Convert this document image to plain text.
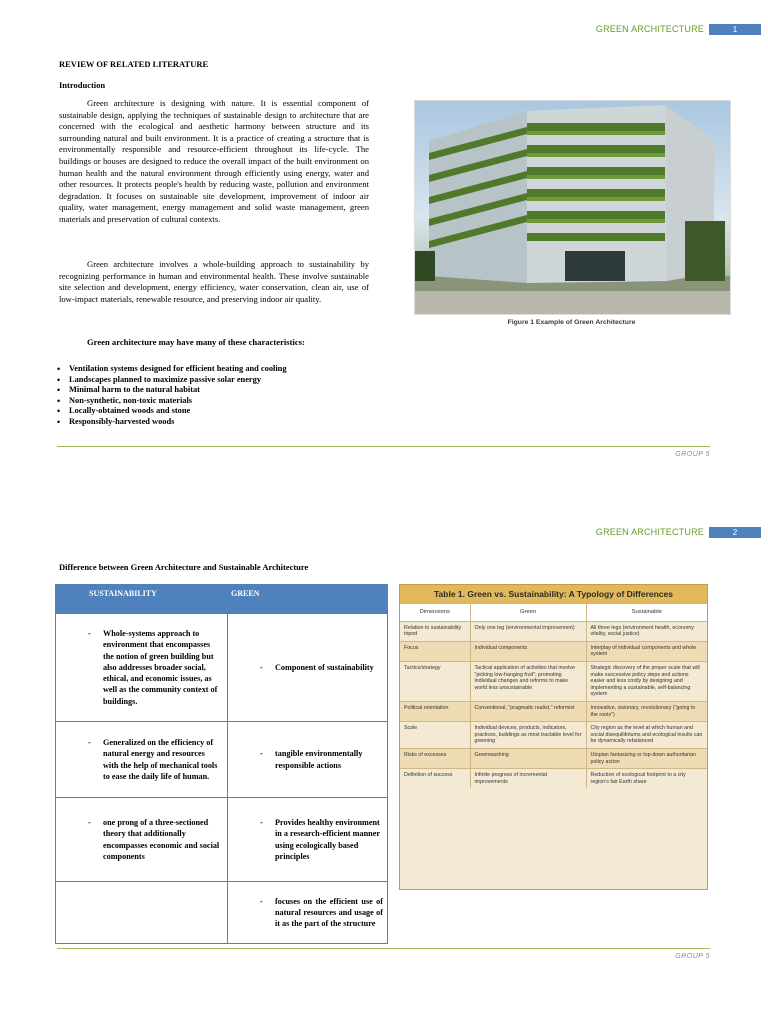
GREEN ARCHITECTURE	1
REVIEW OF RELATED LITERATURE
Introduction
Green architecture is designing with nature. It is essential component of sustainable design, applying the techniques of sustainable design to architecture that are concerned with the ecological and aesthetic harmony between structure and its surrounding natural and built environment. It is a practice of creating a structure that is environmentally responsible and resource-efficient throughout its life-cycle. The buildings or houses are designed to reduce the overall impact of the built environment on human health and the natural environment through efficiently using energy, water and other resources. It protects people's health by reducing waste, pollution and environment degradation. It focuses on sustainable site development, improvement of indoor air quality, water management, energy management and solid waste management, green materials and preservation of cultural contexts.
Green architecture involves a whole-building approach to sustainability by recognizing performance in human and environmental health. These involve sustainable site selection and development, energy efficiency, water conservation, clean air, use of low-impact materials, renewable resource, and preserving indoor air quality.
Green architecture may have many of these characteristics:
• Ventilation systems designed for efficient heating and cooling
• Landscapes planned to maximize passive solar energy
• Minimal harm to the natural habitat
• Non-synthetic, non-toxic materials
• Locally-obtained woods and stone
• Responsibly-harvested woods
Figure 1 Example of Green Architecture
GROUP 5
GREEN ARCHITECTURE	2
Difference between Green Architecture and Sustainable Architecture
SUSTAINABILITY	GREEN

- Whole-systems approach to environment that encompasses the notion of green building but also addresses broader social, ethical, and economic issues, as well as the community context of buildings.	- Component of sustainability

- Generalized on the efficiency of natural energy and resources with the help of mechanical tools to ease the daily life of human.	- tangible environmentally responsible actions

- one prong of a three-sectioned theory that additionally encompasses economic and social components	- Provides healthy environment in a research-efficient manner using ecologically based principles

	- focuses on the efficient use of natural resources and usage of it as the part of the structure
Table 1. Green vs. Sustainability: A Typology of Differences
Dimensions	Green	Sustainable
Relation to sustainability tripod	Only one leg (environmental improvement)	All three legs (environment health, economy vitality, social justice)
Focus	Individual components	Interplay of individual components and whole system
Tactics/strategy	Tactical application of activities that involve "picking low-hanging fruit"; promoting individual changes and reforms to make world less unsustainable	Strategic discovery of the proper scale that will make successive policy steps and actions easier and less costly by designing and implementing a sustainable, self-balancing system
Political orientation	Conventional, "pragmatic realist," reformist	Innovative, visionary, revolutionary ("going to the roots")
Scale	Individual devices, products, indicators, practices, buildings as most tractable level for greening	City region as the level at which human and social disequilibriums and ecological insults can be dynamically rebalanced
Risks of excesses	Greenwashing	Utopian fantasizing or top-down authoritarian policy action
Definition of success	Infinite progress of incremental improvements	Reduction of ecological footprint to a city region's fair Earth share
GROUP 5
